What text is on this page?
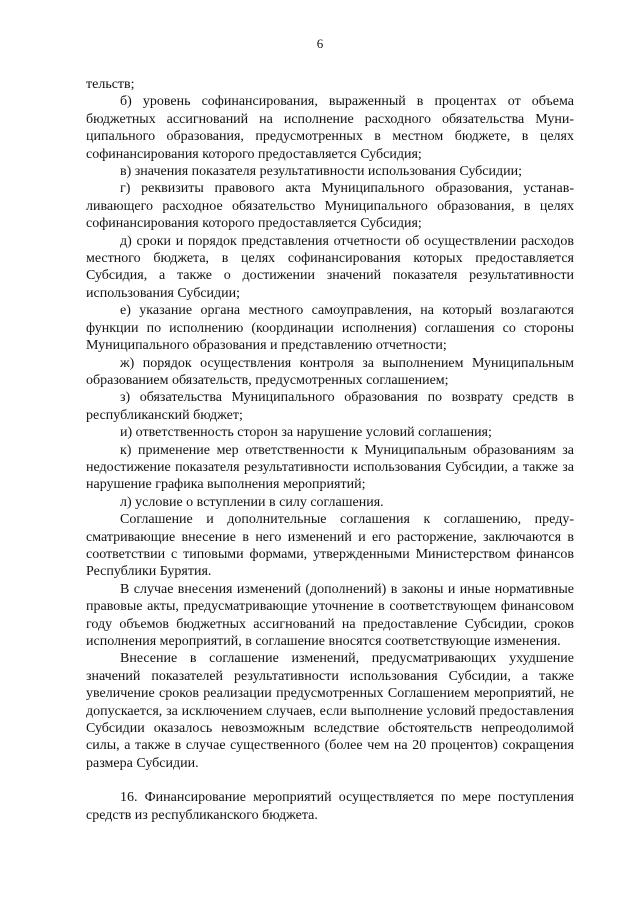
6

тельств;

б) уровень софинансирования, выраженный в процентах от объема бюджетных ассигнований на исполнение расходного обязательства Муниципального образования, предусмотренных в местном бюджете, в целях софинансирования которого предоставляется Субсидия;

в) значения показателя результативности использования Субсидии;

г) реквизиты правового акта Муниципального образования, устанавливающего расходное обязательство Муниципального образования, в целях софинансирования которого предоставляется Субсидия;

д) сроки и порядок представления отчетности об осуществлении расходов местного бюджета, в целях софинансирования которых предоставляется Субсидия, а также о достижении значений показателя результативности использования Субсидии;

е) указание органа местного самоуправления, на который возлагаются функции по исполнению (координации исполнения) соглашения со стороны Муниципального образования и представлению отчетности;

ж) порядок осуществления контроля за выполнением Муниципальным образованием обязательств, предусмотренных соглашением;

з) обязательства Муниципального образования по возврату средств в республиканский бюджет;

и) ответственность сторон за нарушение условий соглашения;

к) применение мер ответственности к Муниципальным образованиям за недостижение показателя результативности использования Субсидии, а также за нарушение графика выполнения мероприятий;

л) условие о вступлении в силу соглашения.

Соглашение и дополнительные соглашения к соглашению, предусматривающие внесение в него изменений и его расторжение, заключаются в соответствии с типовыми формами, утвержденными Министерством финансов Республики Бурятия.

В случае внесения изменений (дополнений) в законы и иные нормативные правовые акты, предусматривающие уточнение в соответствующем финансовом году объемов бюджетных ассигнований на предоставление Субсидии, сроков исполнения мероприятий, в соглашение вносятся соответствующие изменения.

Внесение в соглашение изменений, предусматривающих ухудшение значений показателей результативности использования Субсидии, а также увеличение сроков реализации предусмотренных Соглашением мероприятий, не допускается, за исключением случаев, если выполнение условий предоставления Субсидии оказалось невозможным вследствие обстоятельств непреодолимой силы, а также в случае существенного (более чем на 20 процентов) сокращения размера Субсидии.

16. Финансирование мероприятий осуществляется по мере поступления средств из республиканского бюджета.
